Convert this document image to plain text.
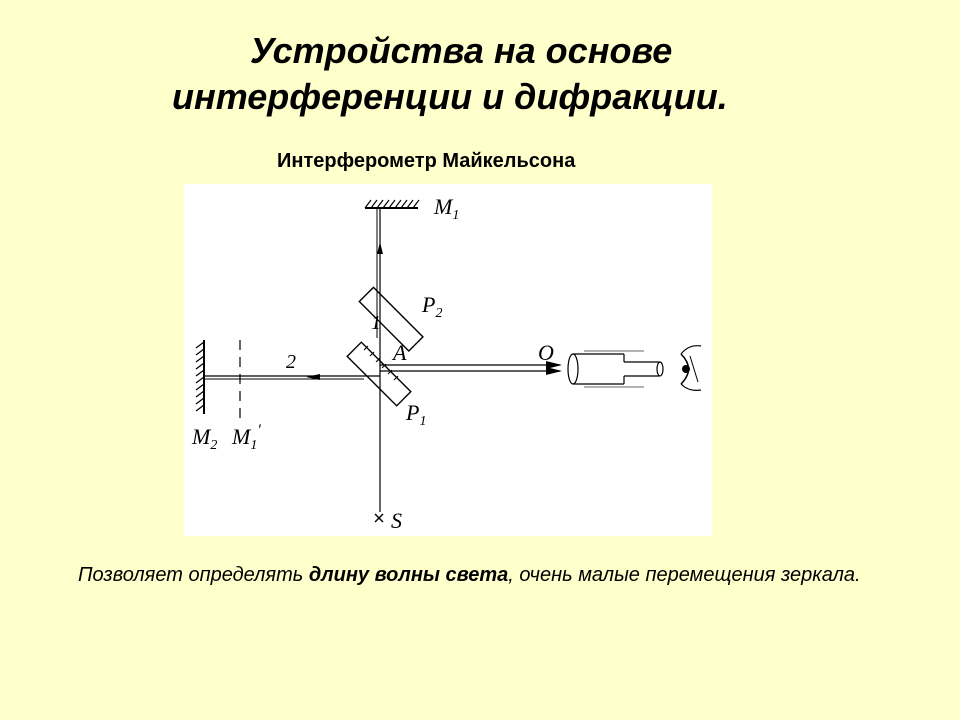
Устройства на основе
интерференции и дифракции.
Интерферометр Майкельсона
$M_1$
$P_2$
1
A	O
2
$P_1$
$M_2$ $M_1'$
S
Позволяет определять длину волны света, очень малые перемещения зеркала.
